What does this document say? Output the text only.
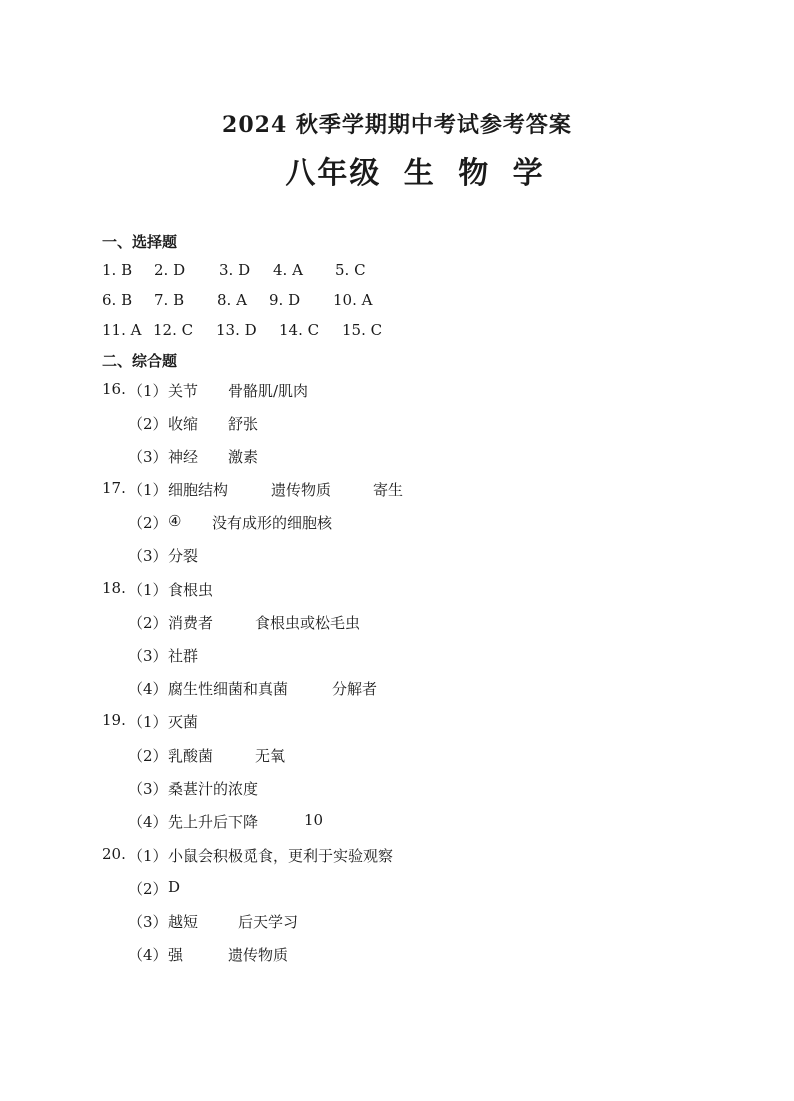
2024 秋季学期期中考试参考答案
八年级 生 物 学
一、选择题
1. B 2. D 3. D 4. A 5. C
6. B 7. B 8. A 9. D 10. A
11. A 12. C 13. D 14. C 15. C
二、综合题
16. （1） 关节 骨骼肌/肌肉
（2） 收缩 舒张
（3） 神经 激素
17. （1） 细胞结构	遗传物质	寄生
（2） ④ 没有成形的细胞核
（3） 分裂
18. （1） 食根虫
（2） 消费者	食根虫或松毛虫
（3） 社群
（4） 腐生性细菌和真菌	分解者
19. （1） 灭菌
（2） 乳酸菌	无氧
（3） 桑葚汁的浓度
（4） 先上升后下降	10
20. （1） 小鼠会积极觅食，更利于实验观察
（2） D
（3） 越短	后天学习
（4） 强	遗传物质
